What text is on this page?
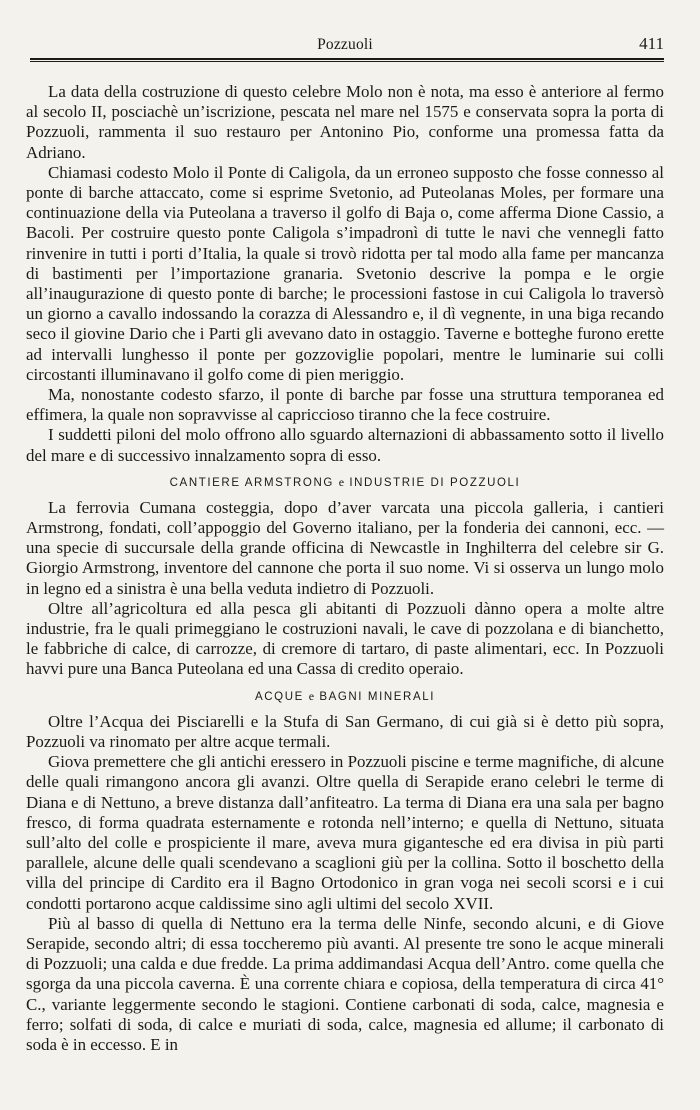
Pozzuoli	411

La data della costruzione di questo celebre Molo non è nota, ma esso è anteriore al fermo al secolo II, posciachè un’iscrizione, pescata nel mare nel 1575 e conservata sopra la porta di Pozzuoli, rammenta il suo restauro per Antonino Pio, conforme una promessa fatta da Adriano.

Chiamasi codesto Molo il Ponte di Caligola, da un erroneo supposto che fosse connesso al ponte di barche attaccato, come si esprime Svetonio, ad Puteolanas Moles, per formare una continuazione della via Puteolana a traverso il golfo di Baja o, come afferma Dione Cassio, a Bacoli. Per costruire questo ponte Caligola s’impadronì di tutte le navi che vennegli fatto rinvenire in tutti i porti d’Italia, la quale si trovò ridotta per tal modo alla fame per mancanza di bastimenti per l’importazione granaria. Svetonio descrive la pompa e le orgie all’inaugurazione di questo ponte di barche; le processioni fastose in cui Caligola lo traversò un giorno a cavallo indossando la corazza di Alessandro e, il dì vegnente, in una biga recando seco il giovine Dario che i Parti gli avevano dato in ostaggio. Taverne e botteghe furono erette ad intervalli lunghesso il ponte per gozzoviglie popolari, mentre le luminarie sui colli circostanti illuminavano il golfo come di pien meriggio.

Ma, nonostante codesto sfarzo, il ponte di barche par fosse una struttura temporanea ed effimera, la quale non sopravvisse al capriccioso tiranno che la fece costruire.

I suddetti piloni del molo offrono allo sguardo alternazioni di abbassamento sotto il livello del mare e di successivo innalzamento sopra di esso.

CANTIERE ARMSTRONG e INDUSTRIE DI POZZUOLI

La ferrovia Cumana costeggia, dopo d’aver varcata una piccola galleria, i cantieri Armstrong, fondati, coll’appoggio del Governo italiano, per la fonderia dei cannoni, ecc. — una specie di succursale della grande officina di Newcastle in Inghilterra del celebre sir G. Giorgio Armstrong, inventore del cannone che porta il suo nome. Vi si osserva un lungo molo in legno ed a sinistra è una bella veduta indietro di Pozzuoli.

Oltre all’agricoltura ed alla pesca gli abitanti di Pozzuoli dànno opera a molte altre industrie, fra le quali primeggiano le costruzioni navali, le cave di pozzolana e di bianchetto, le fabbriche di calce, di carrozze, di cremore di tartaro, di paste alimentari, ecc. In Pozzuoli havvi pure una Banca Puteolana ed una Cassa di credito operaio.

ACQUE e BAGNI MINERALI

Oltre l’Acqua dei Pisciarelli e la Stufa di San Germano, di cui già si è detto più sopra, Pozzuoli va rinomato per altre acque termali.

Giova premettere che gli antichi eressero in Pozzuoli piscine e terme magnifiche, di alcune delle quali rimangono ancora gli avanzi. Oltre quella di Serapide erano celebri le terme di Diana e di Nettuno, a breve distanza dall’anfiteatro. La terma di Diana era una sala per bagno fresco, di forma quadrata esternamente e rotonda nell’interno; e quella di Nettuno, situata sull’alto del colle e prospiciente il mare, aveva mura gigantesche ed era divisa in più parti parallele, alcune delle quali scendevano a scaglioni giù per la collina. Sotto il boschetto della villa del principe di Cardito era il Bagno Ortodonico in gran voga nei secoli scorsi e i cui condotti portarono acque caldissime sino agli ultimi del secolo XVII.

Più al basso di quella di Nettuno era la terma delle Ninfe, secondo alcuni, e di Giove Serapide, secondo altri; di essa toccheremo più avanti. Al presente tre sono le acque minerali di Pozzuoli; una calda e due fredde. La prima addimandasi Acqua dell’Antro. come quella che sgorga da una piccola caverna. È una corrente chiara e copiosa, della temperatura di circa 41° C., variante leggermente secondo le stagioni. Contiene carbonati di soda, calce, magnesia e ferro; solfati di soda, di calce e muriati di soda, calce, magnesia ed allume; il carbonato di soda è in eccesso. E in
